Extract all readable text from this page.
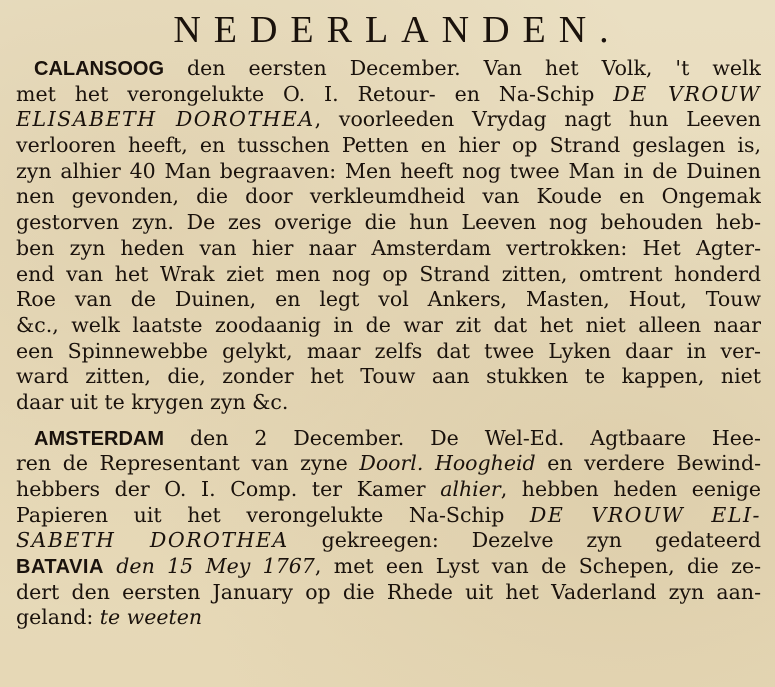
NEDERLANDEN.
CALANSOOG den eersten December. Van het Volk, 't welk
met het verongelukte O. I. Retour- en Na-Schip DE VROUW
ELISABETH DOROTHEA, voorleeden Vrydag nagt hun Leeven
verlooren heeft, en tusschen Petten en hier op Strand geslagen is,
zyn alhier 40 Man begraaven: Men heeft nog twee Man in de Duinen
nen gevonden, die door verkleumdheid van Koude en Ongemak
gestorven zyn. De zes overige die hun Leeven nog behouden heb-
ben zyn heden van hier naar Amsterdam vertrokken: Het Agter-
end van het Wrak ziet men nog op Strand zitten, omtrent honderd
Roe van de Duinen, en legt vol Ankers, Masten, Hout, Touw
&c., welk laatste zoodaanig in de war zit dat het niet alleen naar
een Spinnewebbe gelykt, maar zelfs dat twee Lyken daar in ver-
ward zitten, die, zonder het Touw aan stukken te kappen, niet
daar uit te krygen zyn &c.
AMSTERDAM den 2 December. De Wel-Ed. Agtbaare Hee-
ren de Representant van zyne Doorl. Hoogheid en verdere Bewind-
hebbers der O. I. Comp. ter Kamer alhier, hebben heden eenige
Papieren uit het verongelukte Na-Schip DE VROUW ELI-
SABETH DOROTHEA gekreegen: Dezelve zyn gedateerd
BATAVIA den 15 Mey 1767, met een Lyst van de Schepen, die ze-
dert den eersten January op die Rhede uit het Vaderland zyn aan-
geland: te weeten
